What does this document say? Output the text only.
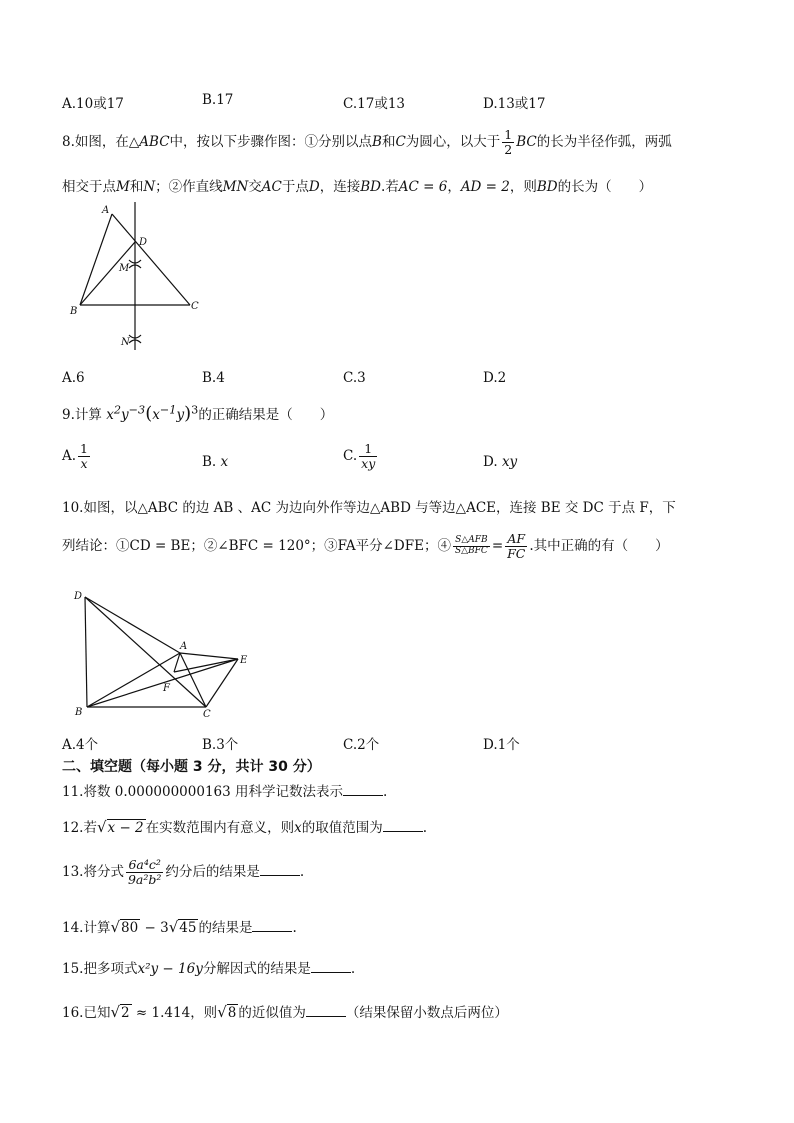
A.10或17	B.17	C.17或13	D.13或17
8.如图，在△ABC中，按以下步骤作图：①分别以点B和C为圆心，以大于 $\frac{1}{2}$ BC的长为半径作弧，两弧
相交于点M和N；②作直线MN交AC于点D，连接BD.若AC = 6，AD = 2，则BD的长为（　　）
A
D
M
B	C
N
A.6	B.4	C.3	D.2
9.计算 $x^2y^{-3}(x^{-1}y)^3$的正确结果是（　　）
A. $\frac{1}{x}$	B. x	C. $\frac{1}{xy}$	D. xy
10.如图，以△ABC 的边 AB 、AC 为边向外作等边△ABD 与等边△ACE，连接 BE 交 DC 于点 F，下
列结论：①CD = BE；②∠BFC = 120°；③FA平分∠DFE；④ $\frac{\text{S△AFB}}{\text{S△BFC}} = \frac{AF}{FC}$ .其中正确的有（　　）
D
A
E
F
B	C
A.4个	B.3个	C.2个	D.1个
二、填空题（每小题 3 分，共计 30 分）
11.将数 0.000000000163 用科学记数法表示	.
12.若√x − 2 在实数范围内有意义，则x的取值范围为	.
13.将分式 $\frac{\text{6a⁴c²}}{\text{9a²b²}}$ 约分后的结果是	.
14.计算√80 − 3√45 的结果是	.
15.把多项式x²y − 16y分解因式的结果是	.
16.已知√2 ≈ 1.414，则√8 的近似值为	（结果保留小数点后两位）
